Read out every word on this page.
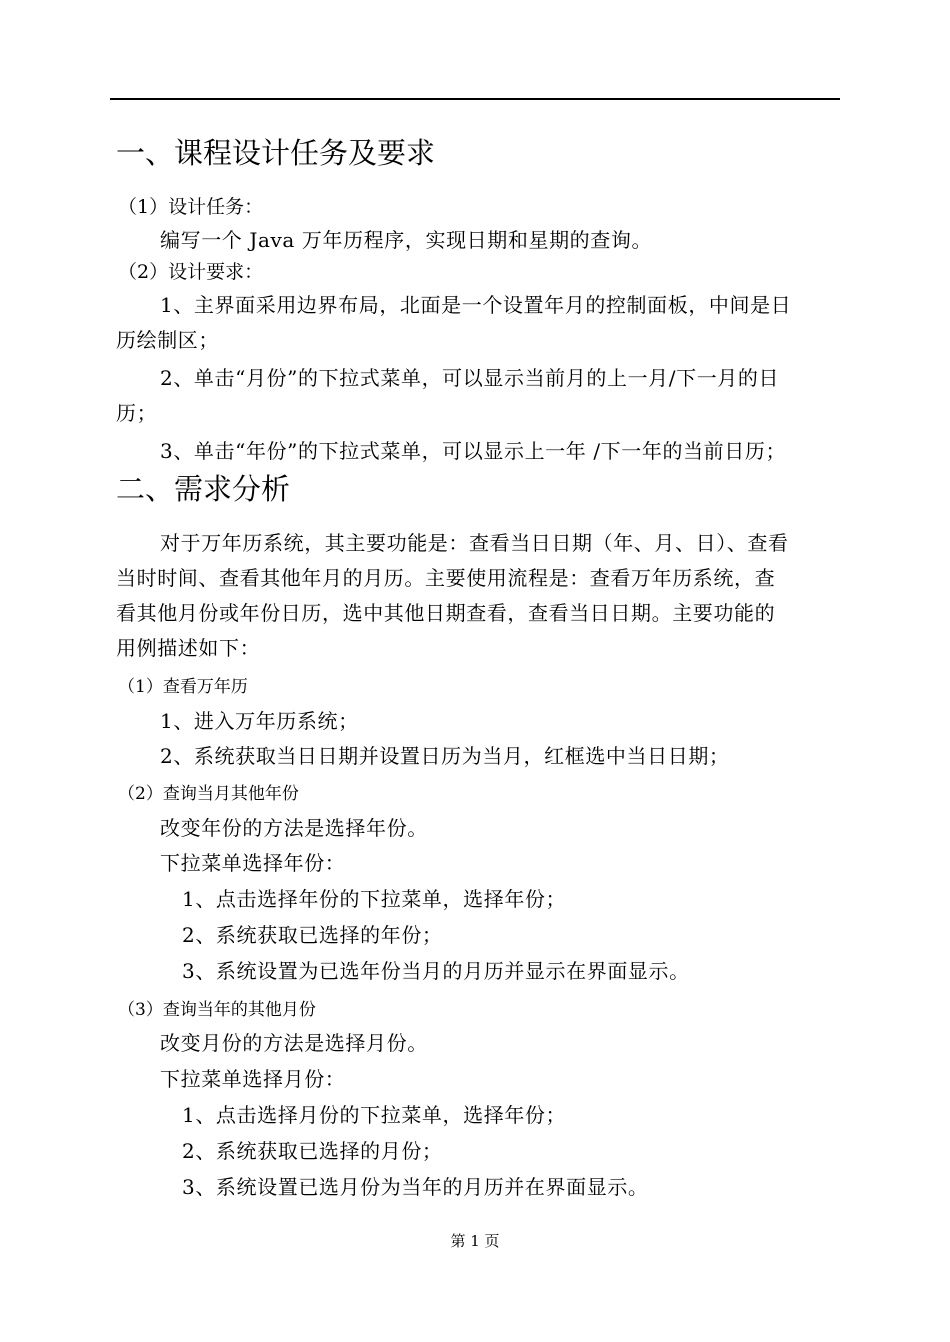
一、课程设计任务及要求
（1）设计任务：
编写一个 Java 万年历程序，实现日期和星期的查询。
（2）设计要求：
1、主界面采用边界布局，北面是一个设置年月的控制面板，中间是日
历绘制区；
2、单击“月份”的下拉式菜单，可以显示当前月的上一月/下一月的日
历；
3、单击“年份”的下拉式菜单，可以显示上一年 /下一年的当前日历；
二、需求分析
对于万年历系统，其主要功能是：查看当日日期（年、月、日）、查看
当时时间、查看其他年月的月历。主要使用流程是：查看万年历系统，查
看其他月份或年份日历，选中其他日期查看，查看当日日期。主要功能的
用例描述如下：
（1）查看万年历
1、进入万年历系统；
2、系统获取当日日期并设置日历为当月，红框选中当日日期；
（2）查询当月其他年份
改变年份的方法是选择年份。
下拉菜单选择年份：
1、点击选择年份的下拉菜单，选择年份；
2、系统获取已选择的年份；
3、系统设置为已选年份当月的月历并显示在界面显示。
（3）查询当年的其他月份
改变月份的方法是选择月份。
下拉菜单选择月份：
1、点击选择月份的下拉菜单，选择年份；
2、系统获取已选择的月份；
3、系统设置已选月份为当年的月历并在界面显示。
第 1 页
